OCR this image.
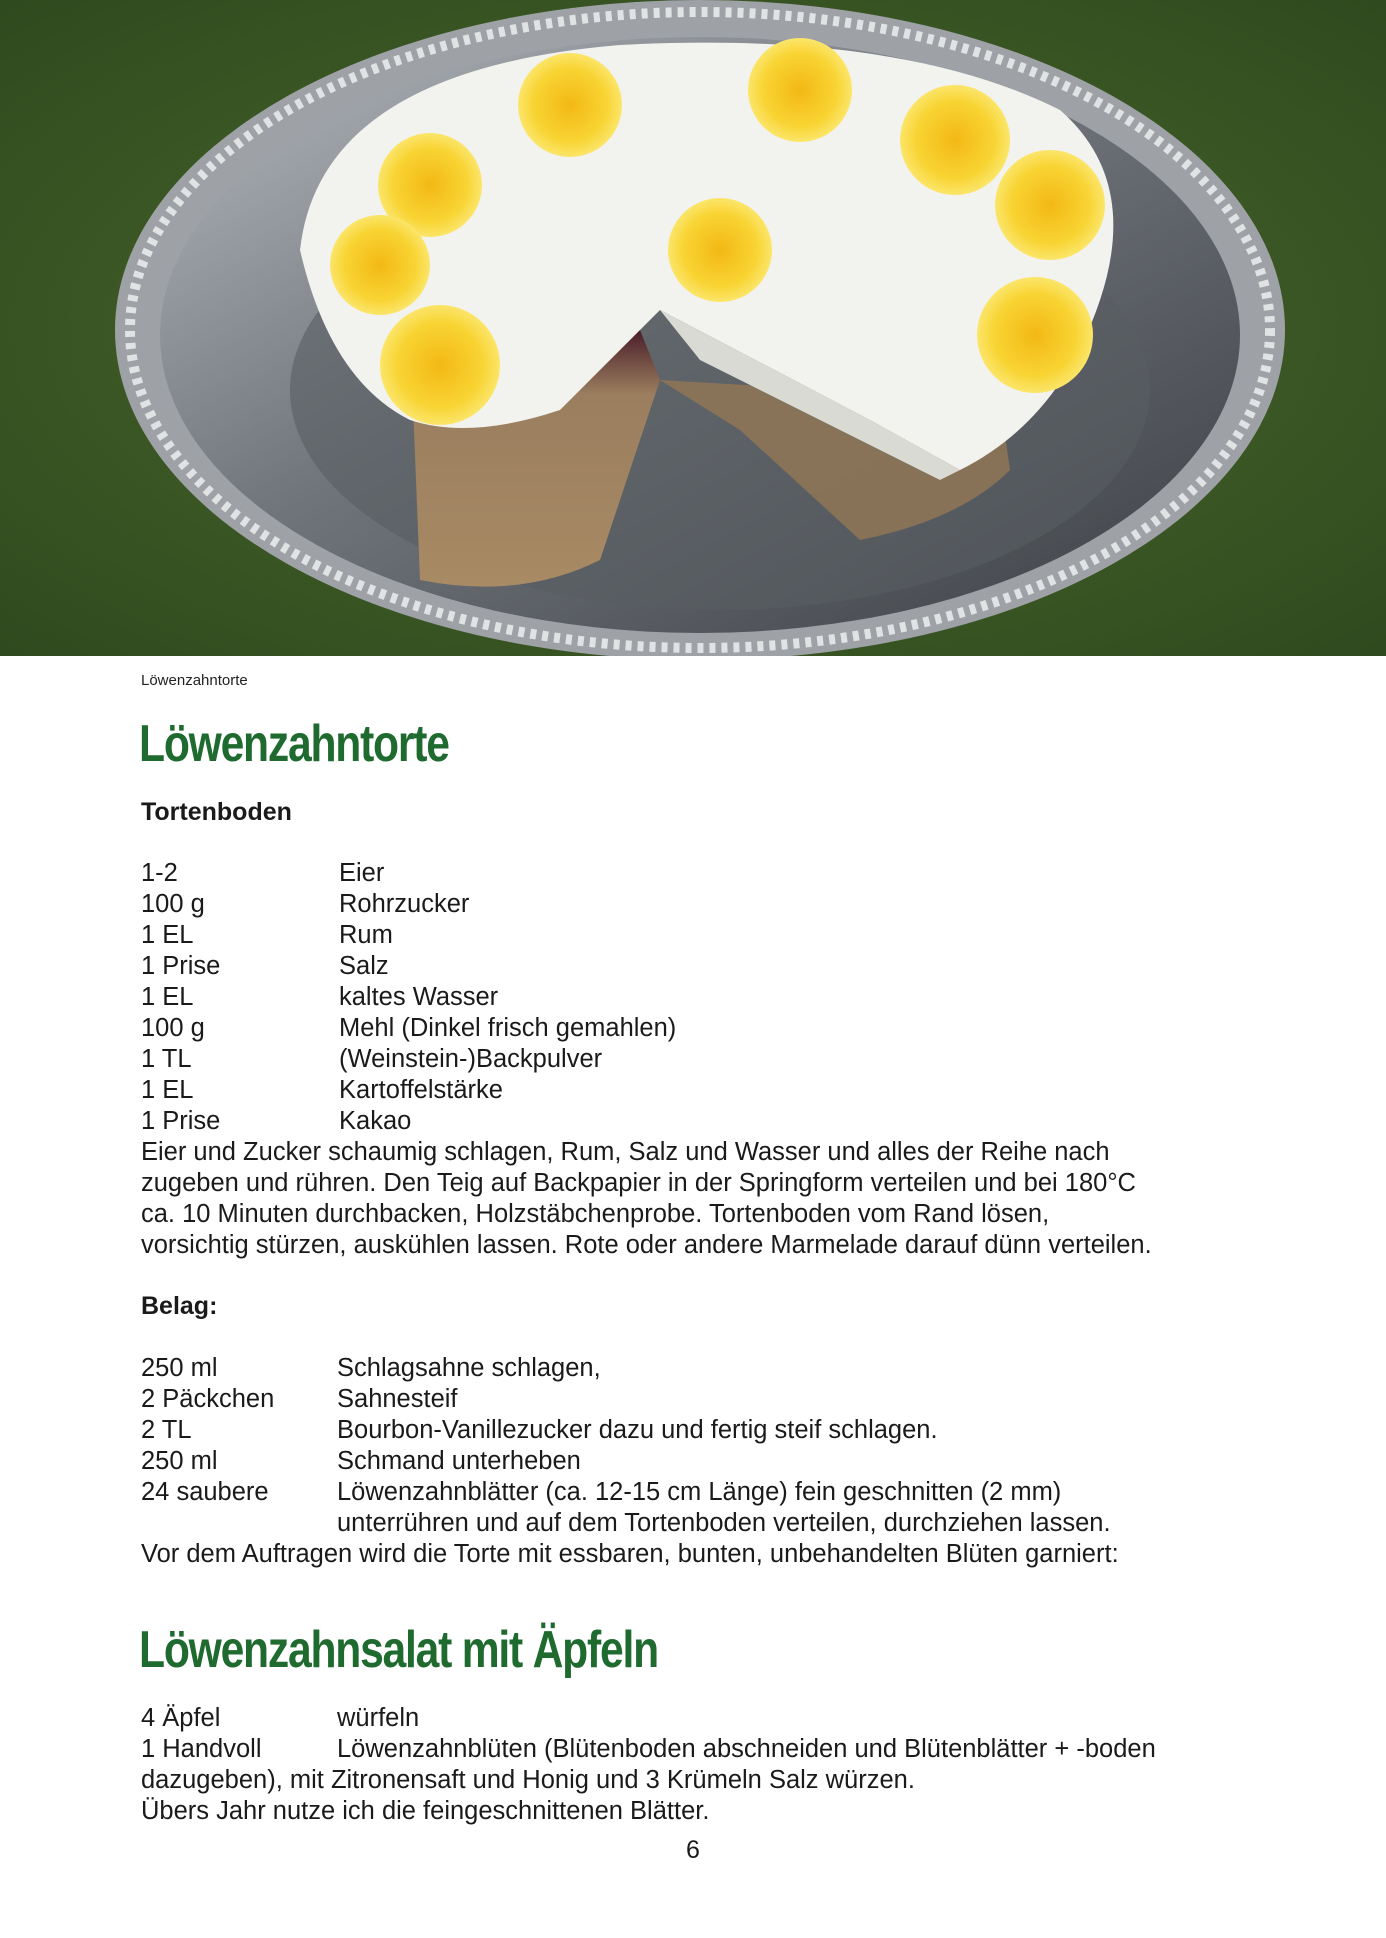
Löwenzahntorte
Löwenzahntorte
Tortenboden
1-2	Eier
100 g	Rohrzucker
1 EL	Rum
1 Prise	Salz
1 EL	kaltes Wasser
100 g	Mehl (Dinkel frisch gemahlen)
1 TL	(Weinstein-)Backpulver
1 EL	Kartoffelstärke
1 Prise	Kakao
Eier und Zucker schaumig schlagen, Rum, Salz und Wasser und alles der Reihe nach
zugeben und rühren. Den Teig auf Backpapier in der Springform verteilen und bei 180°C
ca. 10 Minuten durchbacken, Holzstäbchenprobe. Tortenboden vom Rand lösen,
vorsichtig stürzen, auskühlen lassen. Rote oder andere Marmelade darauf dünn verteilen.
Belag:
250 ml	Schlagsahne schlagen,
2 Päckchen	Sahnesteif
2 TL	Bourbon-Vanillezucker dazu und fertig steif schlagen.
250 ml	Schmand unterheben
24 saubere	Löwenzahnblätter (ca. 12-15 cm Länge) fein geschnitten (2 mm)
unterrühren und auf dem Tortenboden verteilen, durchziehen lassen.
Vor dem Auftragen wird die Torte mit essbaren, bunten, unbehandelten Blüten garniert:
Löwenzahnsalat mit Äpfeln
4 Äpfel	würfeln
1 Handvoll	Löwenzahnblüten (Blütenboden abschneiden und Blütenblätter + -boden
dazugeben), mit Zitronensaft und Honig und 3 Krümeln Salz würzen.
Übers Jahr nutze ich die feingeschnittenen Blätter.
6
